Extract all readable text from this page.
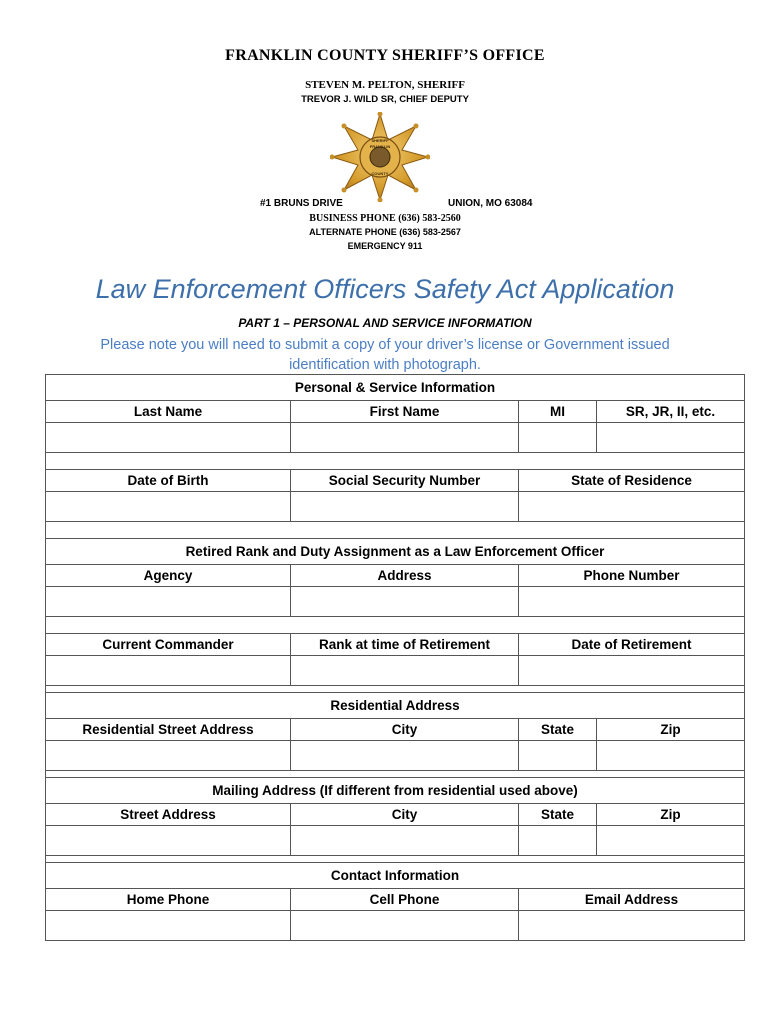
FRANKLIN COUNTY SHERIFF’S OFFICE
STEVEN M. PELTON, SHERIFF
TREVOR J. WILD SR, CHIEF DEPUTY
SHERIFF
FRANKLIN
COUNTY
#1 BRUNS DRIVE	UNION, MO 63084
BUSINESS PHONE (636) 583-2560
ALTERNATE PHONE (636) 583-2567
EMERGENCY 911
Law Enforcement Officers Safety Act Application
PART 1 – PERSONAL AND SERVICE INFORMATION
Please note you will need to submit a copy of your driver’s license or Government issued
identification with photograph.
Personal & Service Information			
Last Name	First Name	MI	SR, JR, II, etc.

Date of Birth	Social Security Number	State of Residence	

Retired Rank and Duty Assignment as a Law Enforcement Officer			
Agency	Address	Phone Number	

Current Commander	Rank at time of Retirement	Date of Retirement	

Residential Address			
Residential Street Address	City	State	Zip

Mailing Address (If different from residential used above)			
Street Address	City	State	Zip

Contact Information			
Home Phone	Cell Phone	Email Address	
